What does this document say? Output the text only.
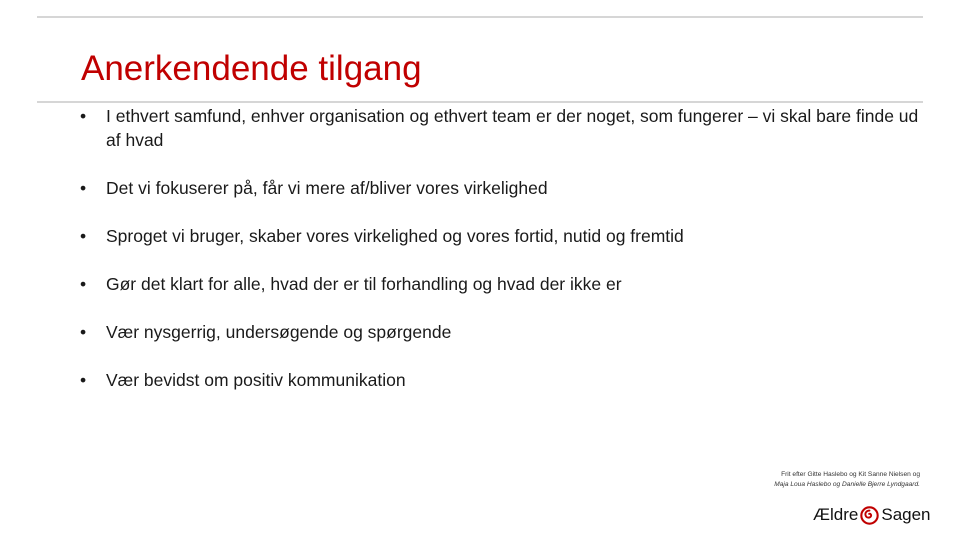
Anerkendende tilgang
•	I ethvert samfund, enhver organisation og ethvert team er der noget, som fungerer – vi skal bare finde ud af hvad
•	Det vi fokuserer på, får vi mere af/bliver vores virkelighed
•	Sproget vi bruger, skaber vores virkelighed og vores fortid, nutid og fremtid
•	Gør det klart for alle, hvad der er til forhandling og hvad der ikke er
•	Vær nysgerrig, undersøgende og spørgende
•	Vær bevidst om positiv kommunikation
Frit efter Gitte Haslebo og Kit Sanne Nielsen og
Maja Loua Haslebo og Danielle Bjerre Lyndgaard.
Ældre Sagen
